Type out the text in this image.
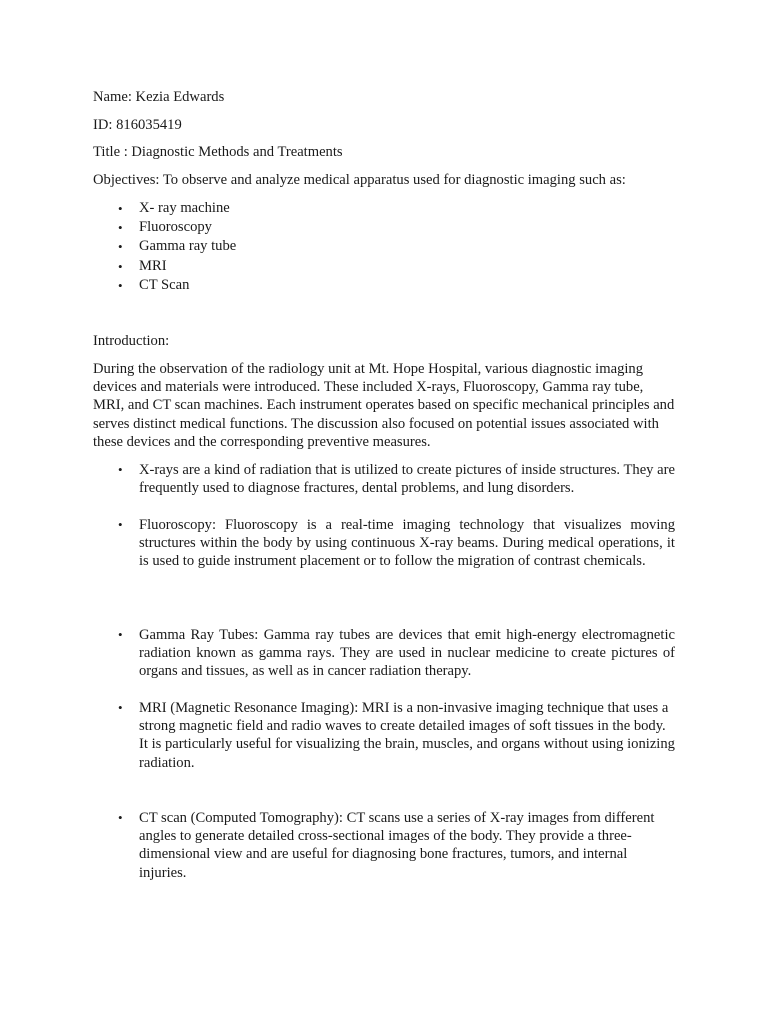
Name: Kezia Edwards

ID: 816035419

Title : Diagnostic Methods and Treatments

Objectives: To observe and analyze medical apparatus used for diagnostic imaging such as:

• X- ray machine
• Fluoroscopy
• Gamma ray tube
• MRI
• CT Scan

Introduction:

During the observation of the radiology unit at Mt. Hope Hospital, various diagnostic imaging devices and materials were introduced. These included X-rays, Fluoroscopy, Gamma ray tube, MRI, and CT scan machines. Each instrument operates based on specific mechanical principles and serves distinct medical functions. The discussion also focused on potential issues associated with these devices and the corresponding preventive measures.

• X-rays are a kind of radiation that is utilized to create pictures of inside structures. They are frequently used to diagnose fractures, dental problems, and lung disorders.
• Fluoroscopy: Fluoroscopy is a real-time imaging technology that visualizes moving structures within the body by using continuous X-ray beams. During medical operations, it is used to guide instrument placement or to follow the migration of contrast chemicals.
• Gamma Ray Tubes: Gamma ray tubes are devices that emit high-energy electromagnetic radiation known as gamma rays. They are used in nuclear medicine to create pictures of organs and tissues, as well as in cancer radiation therapy.
• MRI (Magnetic Resonance Imaging): MRI is a non-invasive imaging technique that uses a strong magnetic field and radio waves to create detailed images of soft tissues in the body. It is particularly useful for visualizing the brain, muscles, and organs without using ionizing radiation.
• CT scan (Computed Tomography): CT scans use a series of X-ray images from different angles to generate detailed cross-sectional images of the body. They provide a three-dimensional view and are useful for diagnosing bone fractures, tumors, and internal injuries.
